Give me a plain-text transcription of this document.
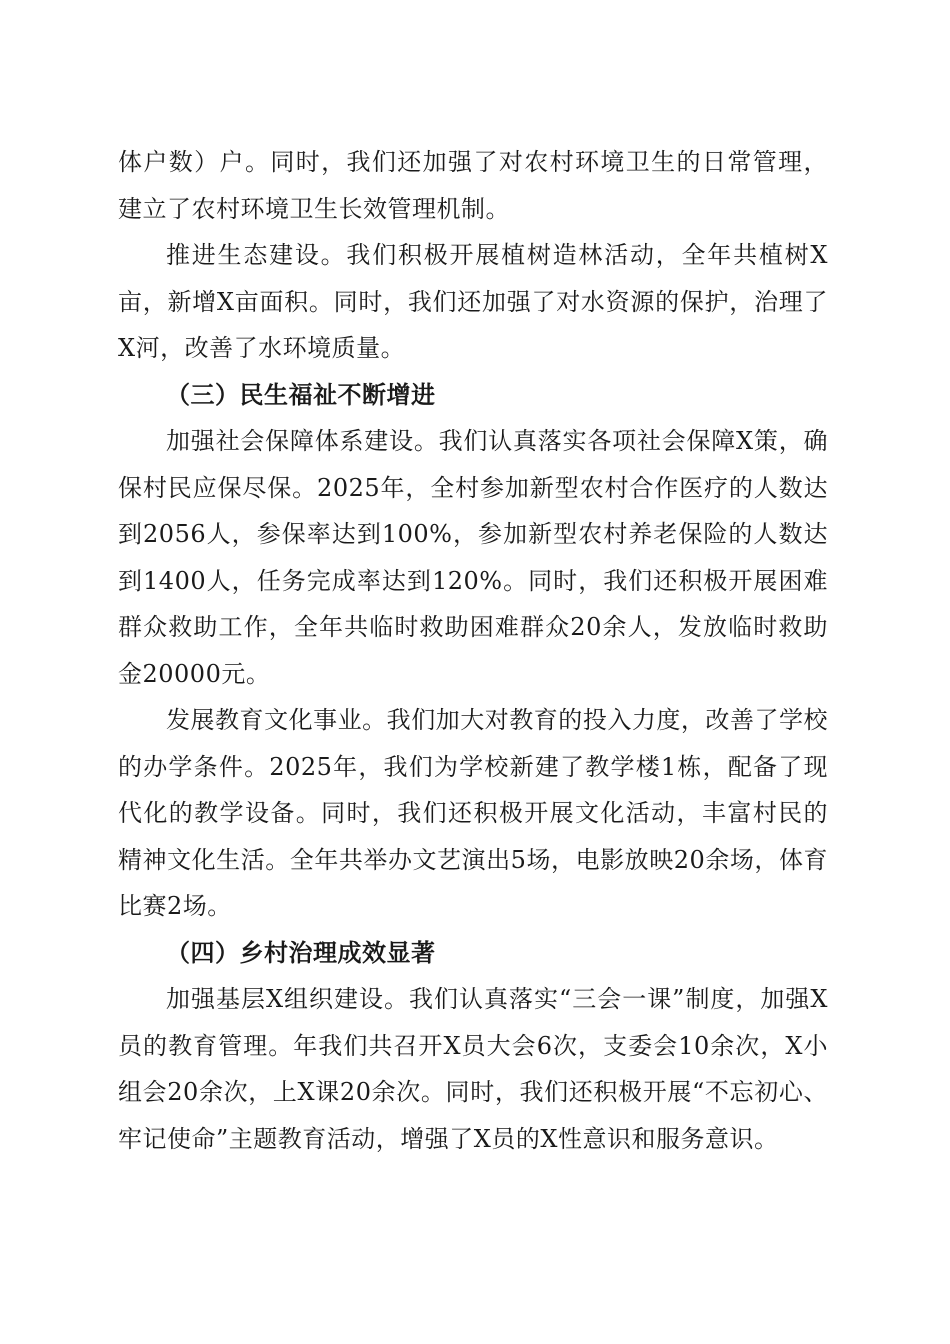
体户数）户。同时，我们还加强了对农村环境卫生的日常管理，建立了农村环境卫生长效管理机制。

推进生态建设。我们积极开展植树造林活动，全年共植树X亩，新增X亩面积。同时，我们还加强了对水资源的保护，治理了X河，改善了水环境质量。

（三）民生福祉不断增进

加强社会保障体系建设。我们认真落实各项社会保障X策，确保村民应保尽保。2025年，全村参加新型农村合作医疗的人数达到2056人，参保率达到100%，参加新型农村养老保险的人数达到1400人，任务完成率达到120%。同时，我们还积极开展困难群众救助工作，全年共临时救助困难群众20余人，发放临时救助金20000元。

发展教育文化事业。我们加大对教育的投入力度，改善了学校的办学条件。2025年，我们为学校新建了教学楼1栋，配备了现代化的教学设备。同时，我们还积极开展文化活动，丰富村民的精神文化生活。全年共举办文艺演出5场，电影放映20余场，体育比赛2场。

（四）乡村治理成效显著

加强基层X组织建设。我们认真落实“三会一课”制度，加强X员的教育管理。年我们共召开X员大会6次，支委会10余次，X小组会20余次，上X课20余次。同时，我们还积极开展“不忘初心、牢记使命”主题教育活动，增强了X员的X性意识和服务意识。
